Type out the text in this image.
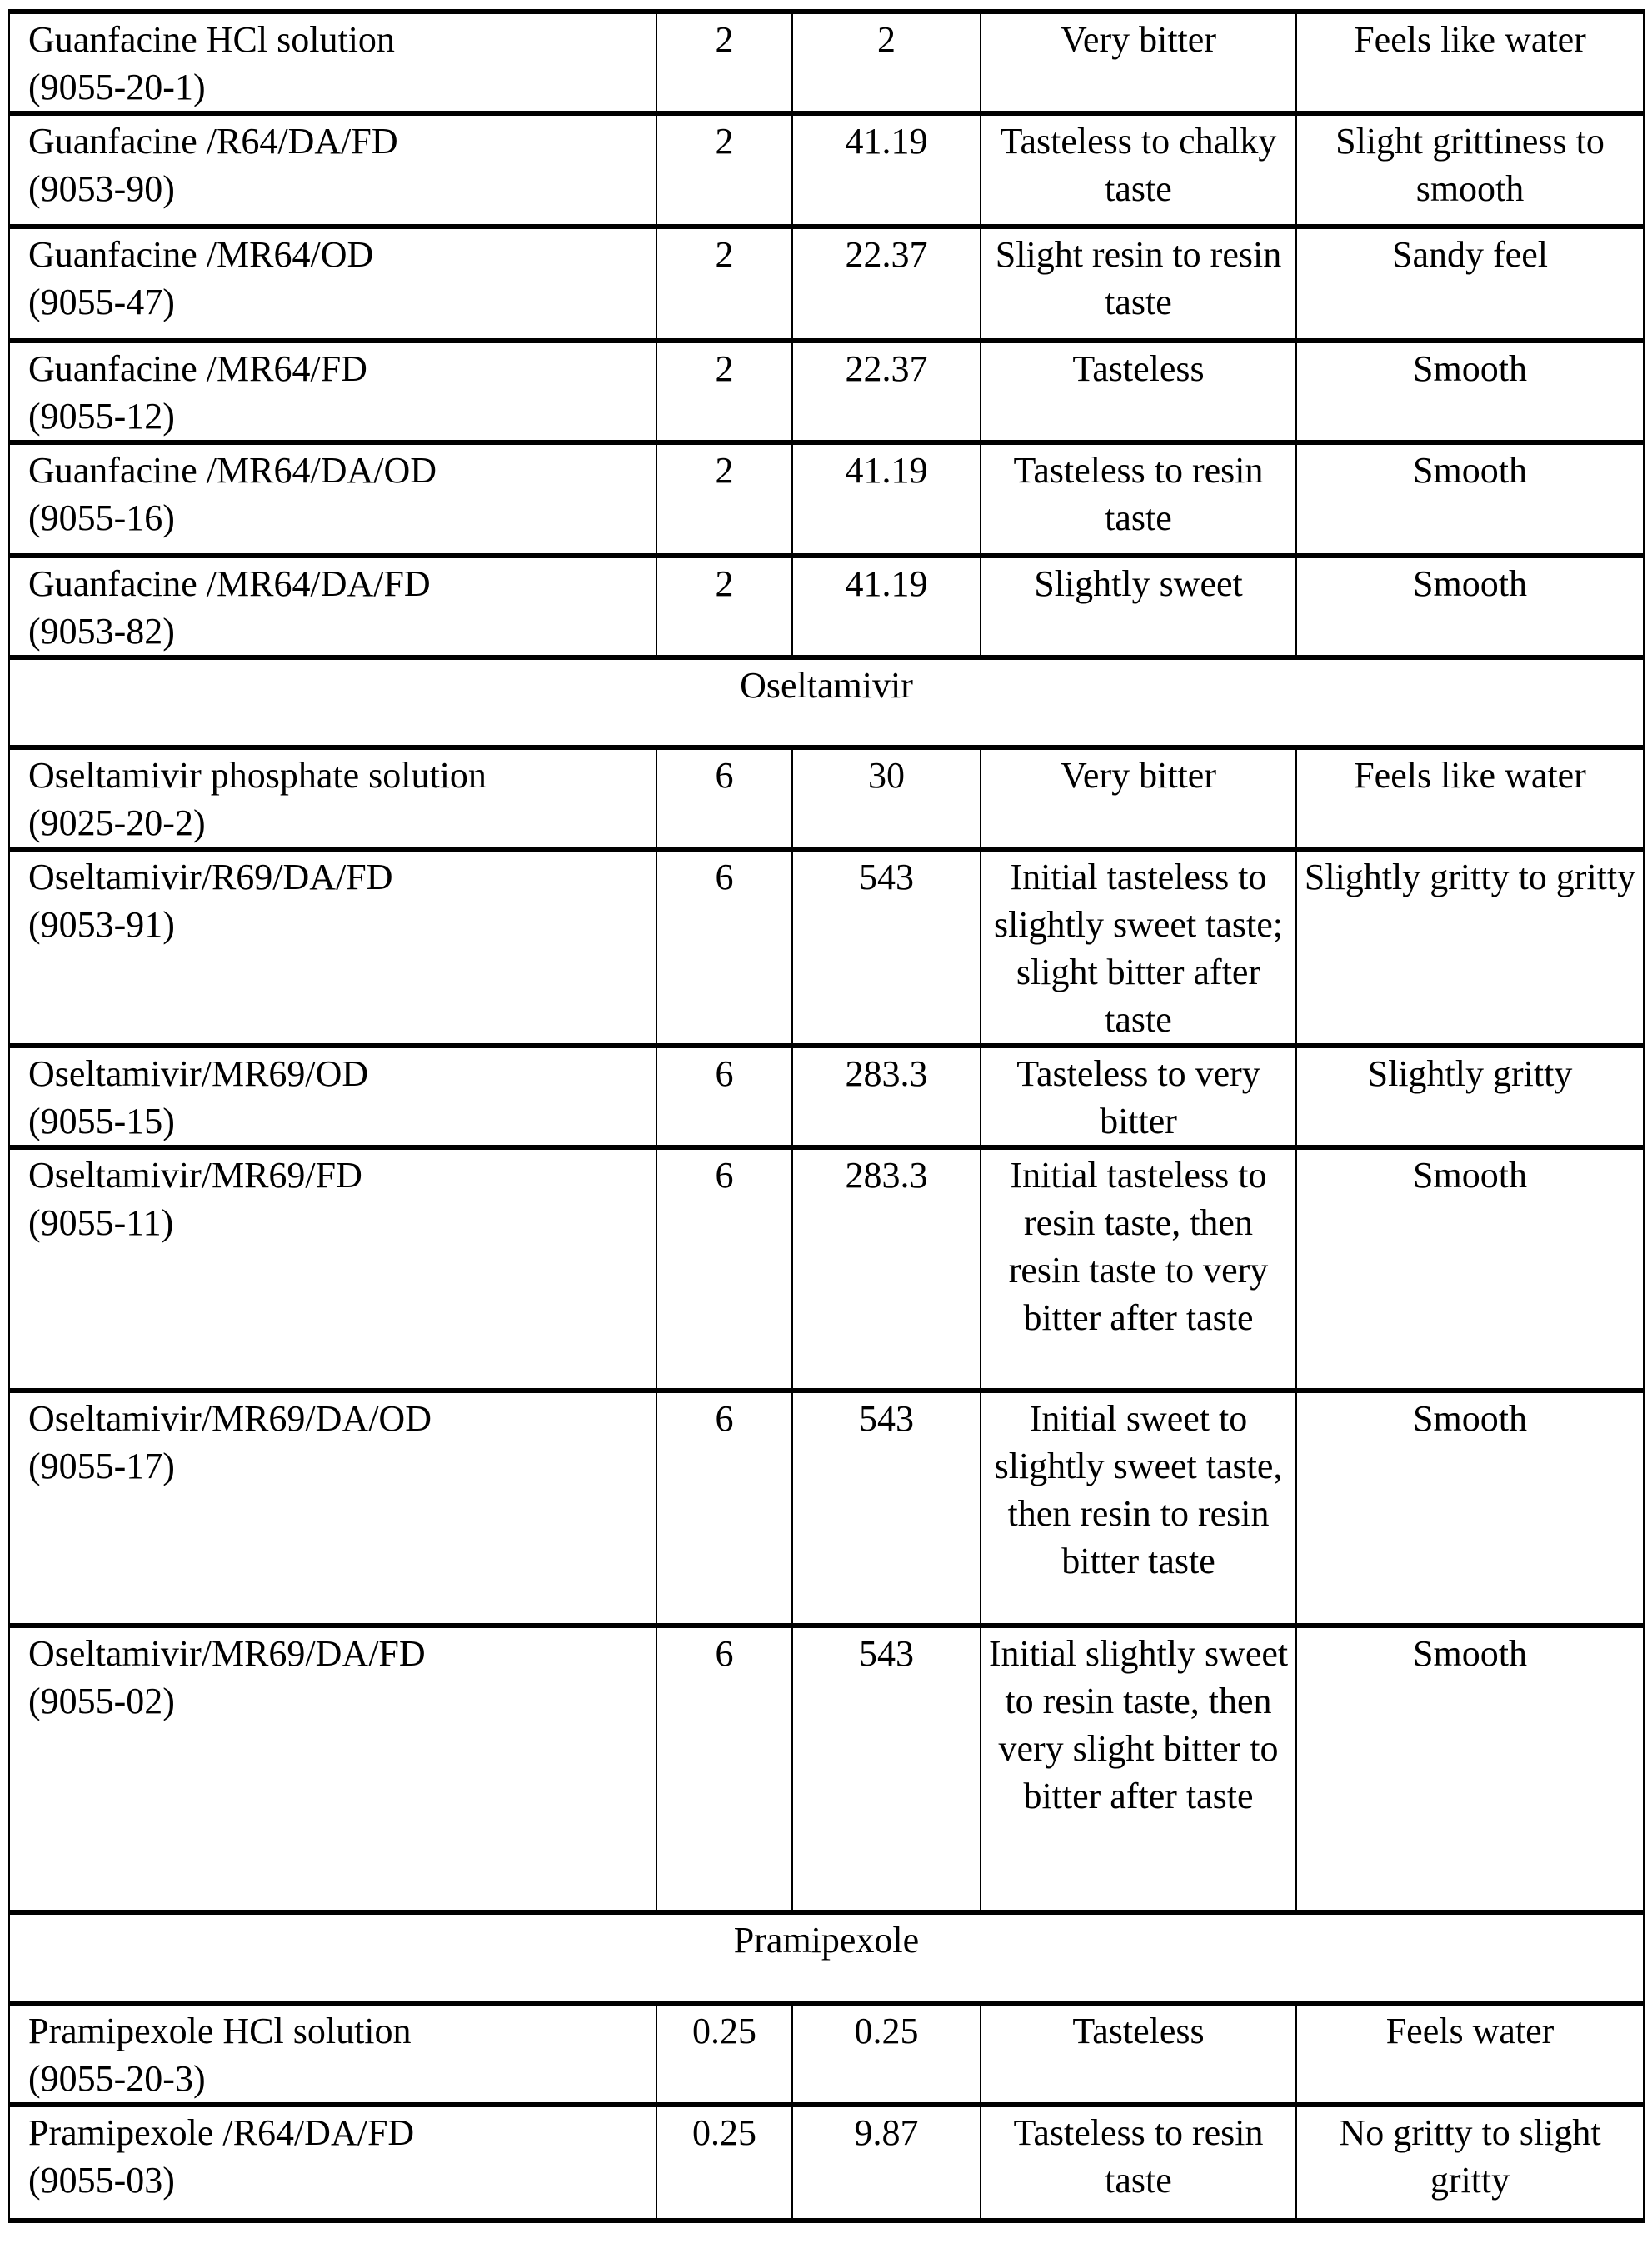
Guanfacine HCl solution
(9055-20-1)	2	2	Very bitter	Feels like water

Guanfacine /R64/DA/FD
(9053-90)	2	41.19	Tasteless to chalky taste	Slight grittiness to smooth

Guanfacine /MR64/OD
(9055-47)	2	22.37	Slight resin to resin taste	Sandy feel

Guanfacine /MR64/FD
(9055-12)	2	22.37	Tasteless	Smooth

Guanfacine /MR64/DA/OD
(9055-16)	2	41.19	Tasteless to resin taste	Smooth

Guanfacine /MR64/DA/FD
(9053-82)	2	41.19	Slightly sweet	Smooth
Oseltamivir				

Oseltamivir phosphate solution
(9025-20-2)	6	30	Very bitter	Feels like water

Oseltamivir/R69/DA/FD
(9053-91)	6	543	Initial tasteless to slightly sweet taste; slight bitter after taste	Slightly gritty to gritty

Oseltamivir/MR69/OD
(9055-15)	6	283.3	Tasteless to very bitter	Slightly gritty

Oseltamivir/MR69/FD
(9055-11)	6	283.3	Initial tasteless to resin taste, then resin taste to very bitter after taste	Smooth

Oseltamivir/MR69/DA/OD
(9055-17)	6	543	Initial sweet to slightly sweet taste, then resin to resin bitter taste	Smooth

Oseltamivir/MR69/DA/FD
(9055-02)	6	543	Initial slightly sweet to resin taste, then very slight bitter to bitter after taste	Smooth
Pramipexole				

Pramipexole HCl solution
(9055-20-3)	0.25	0.25	Tasteless	Feels water

Pramipexole /R64/DA/FD
(9055-03)	0.25	9.87	Tasteless to resin taste	No gritty to slight gritty
